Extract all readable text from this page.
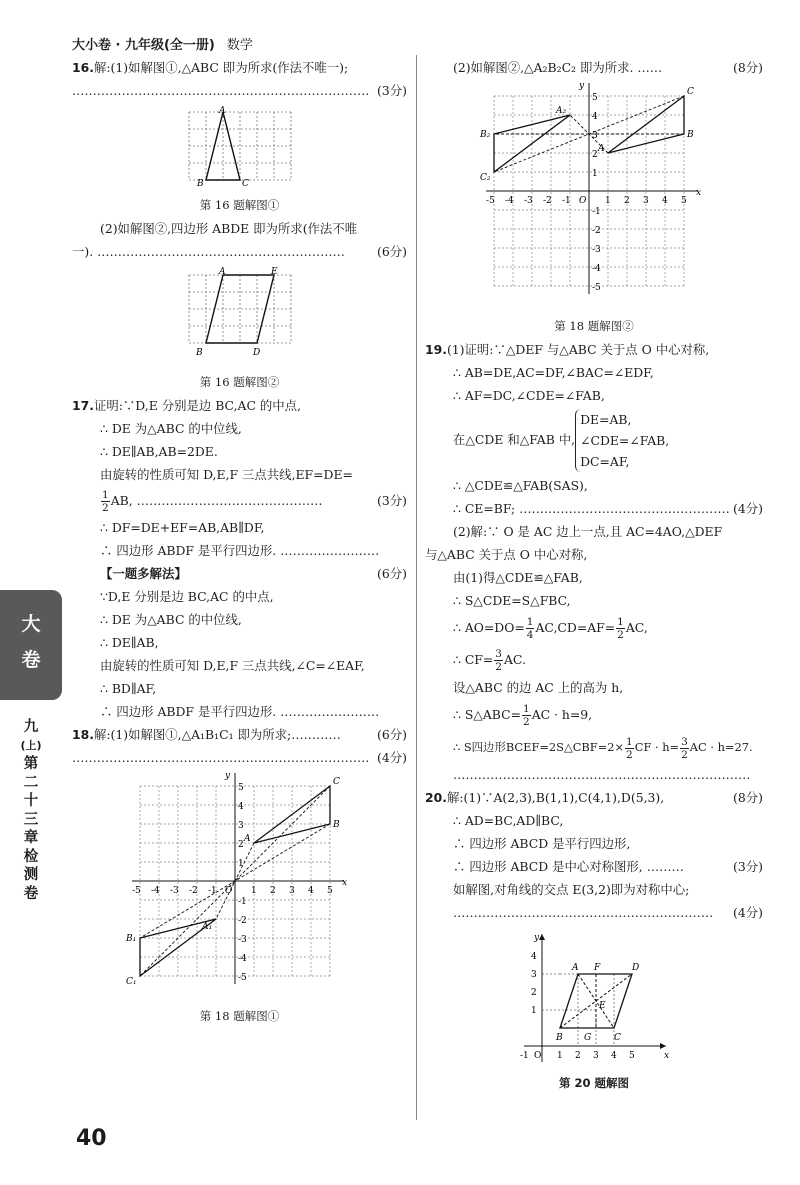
大小卷 · 九年级(全一册) 数学
16.解:(1)如解图①,△ABC 即为所求(作法不唯一);
……………………………………………………………… (3分)
A
B	C
第 16 题解图①
(2)如解图②,四边形 ABDE 即为所求(作法不唯
一). ……………………………………………………	(6分)
A	E
B	D
第 16 题解图②
17.证明:∵D,E 分别是边 BC,AC 的中点,
∴ DE 为△ABC 的中位线,
∴ DE∥AB,AB=2DE.
由旋转的性质可知 D,E,F 三点共线,EF=DE=
$\frac{1}{2}$ AB, ………………………………………	(3分)
∴ DF=DE+EF=AB,AB∥DF,
∴ 四边形 ABDF 是平行四边形. ……………………
(6分)
【一题多解法】
∵D,E 分别是边 BC,AC 的中点,
∴ DE 为△ABC 的中位线,
∴ DE∥AB,
由旋转的性质可知 D,E,F 三点共线,∠C=∠EAF,
∴ BD∥AF,
∴ 四边形 ABDF 是平行四边形. ……………………
(6分)
18.解:(1)如解图①,△A₁B₁C₁ 即为所求;…………
……………………………………………………………… (4分)
x
y
O
-5 -4 -3 -2 -1	1 2 3 4 5
5
4
3
2
1
-1
-2
-3
-4
-5
A
B
C
A₁
B₁
C₁
第 18 题解图①
(2)如解图②,△A₂B₂C₂ 即为所求. ……	(8分)
x
y
O
-5 -4 -3 -2 -1	1 2 3 4 5
5
4
3
2
1
-1
-2
-3
-4
-5
A
B
C
A₂
B₂
C₂
第 18 题解图②
19.(1)证明:∵△DEF 与△ABC 关于点 O 中心对称,
∴ AB=DE,AC=DF,∠BAC=∠EDF,
∴ AF=DC,∠CDE=∠FAB,
在△CDE 和△FAB 中,
DE=AB,
∠CDE=∠FAB,
DC=AF,
∴ △CDE≌△FAB(SAS),
∴ CE=BF; …………………………………………… (4分)
(2)解:∵ O 是 AC 边上一点,且 AC=4AO,△DEF
与△ABC 关于点 O 中心对称,
由(1)得△CDE≌△FAB,
∴ S△CDE=S△FBC,
∴ $AO=DO= \frac{1}{4} AC,CD=AF= \frac{1}{2}$ AC,
∴ $CF= \frac{3}{2}$ AC.
设△ABC 的边 AC 上的高为 h,
∴ S△ABC= $\frac{1}{2}$ AC · h=9,
∴ S四边形BCEF=2S△CBF=2× $\frac{1}{2}$ CF · $h= \frac{3}{2}$ AC · h=27.
………………………………………………………………
(8分)
20.解:(1)∵A(2,3),B(1,1),C(4,1),D(5,3),
∴ AD=BC,AD∥BC,
∴ 四边形 ABCD 是平行四边形,
∴ 四边形 ABCD 是中心对称图形, ………	(3分)
如解图,对角线的交点 E(3,2)即为对称中心;
……………………………………………………… (4分)
A F	D
E
B G	C
x
y
-1 O 1 2 3 4 5
4
3
2
1
第 20 题解图
大
卷
九
(上)
第
二
十
三
章
检
测
卷
40
